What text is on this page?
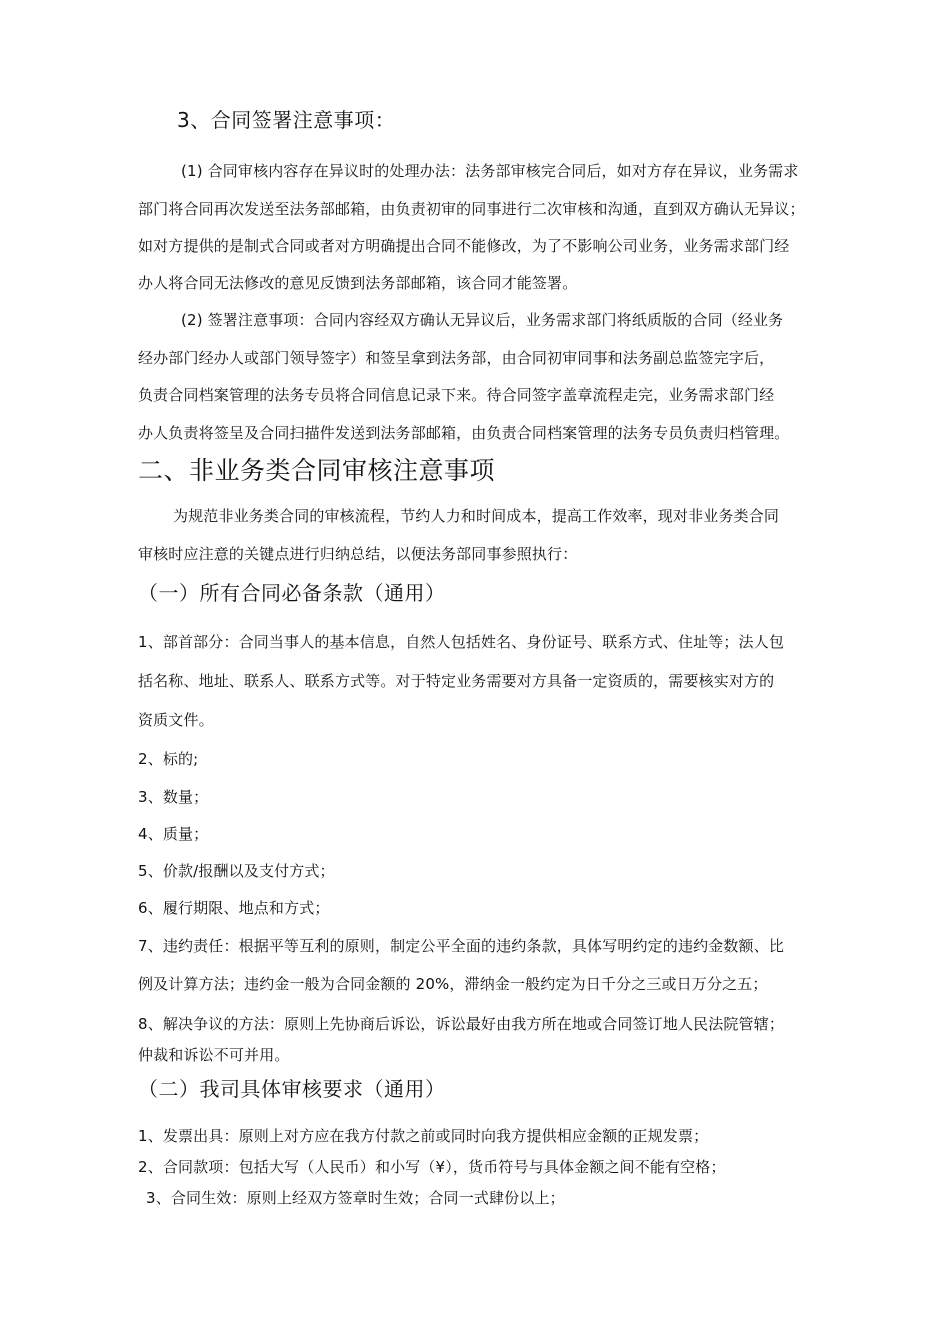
3、合同签署注意事项：
(1) 合同审核内容存在异议时的处理办法：法务部审核完合同后，如对方存在异议，业务需求
部门将合同再次发送至法务部邮箱，由负责初审的同事进行二次审核和沟通，直到双方确认无异议；
如对方提供的是制式合同或者对方明确提出合同不能修改，为了不影响公司业务，业务需求部门经
办人将合同无法修改的意见反馈到法务部邮箱，该合同才能签署。
(2) 签署注意事项：合同内容经双方确认无异议后，业务需求部门将纸质版的合同（经业务
经办部门经办人或部门领导签字）和签呈拿到法务部，由合同初审同事和法务副总监签完字后，
负责合同档案管理的法务专员将合同信息记录下来。待合同签字盖章流程走完，业务需求部门经
办人负责将签呈及合同扫描件发送到法务部邮箱，由负责合同档案管理的法务专员负责归档管理。
二、非业务类合同审核注意事项
为规范非业务类合同的审核流程，节约人力和时间成本，提高工作效率，现对非业务类合同
审核时应注意的关键点进行归纳总结，以便法务部同事参照执行：
（一）所有合同必备条款（通用）
1、部首部分：合同当事人的基本信息，自然人包括姓名、身份证号、联系方式、住址等；法人包
括名称、地址、联系人、联系方式等。对于特定业务需要对方具备一定资质的，需要核实对方的
资质文件。
2、标的;
3、数量；
4、质量；
5、价款/报酬以及支付方式；
6、履行期限、地点和方式；
7、违约责任：根据平等互利的原则，制定公平全面的违约条款，具体写明约定的违约金数额、比
例及计算方法；违约金一般为合同金额的 20%，滞纳金一般约定为日千分之三或日万分之五；
8、解决争议的方法：原则上先协商后诉讼，诉讼最好由我方所在地或合同签订地人民法院管辖；
仲裁和诉讼不可并用。
（二）我司具体审核要求（通用）
1、发票出具：原则上对方应在我方付款之前或同时向我方提供相应金额的正规发票；
2、合同款项：包括大写（人民币）和小写（¥），货币符号与具体金额之间不能有空格；
3、合同生效：原则上经双方签章时生效；合同一式肆份以上；
